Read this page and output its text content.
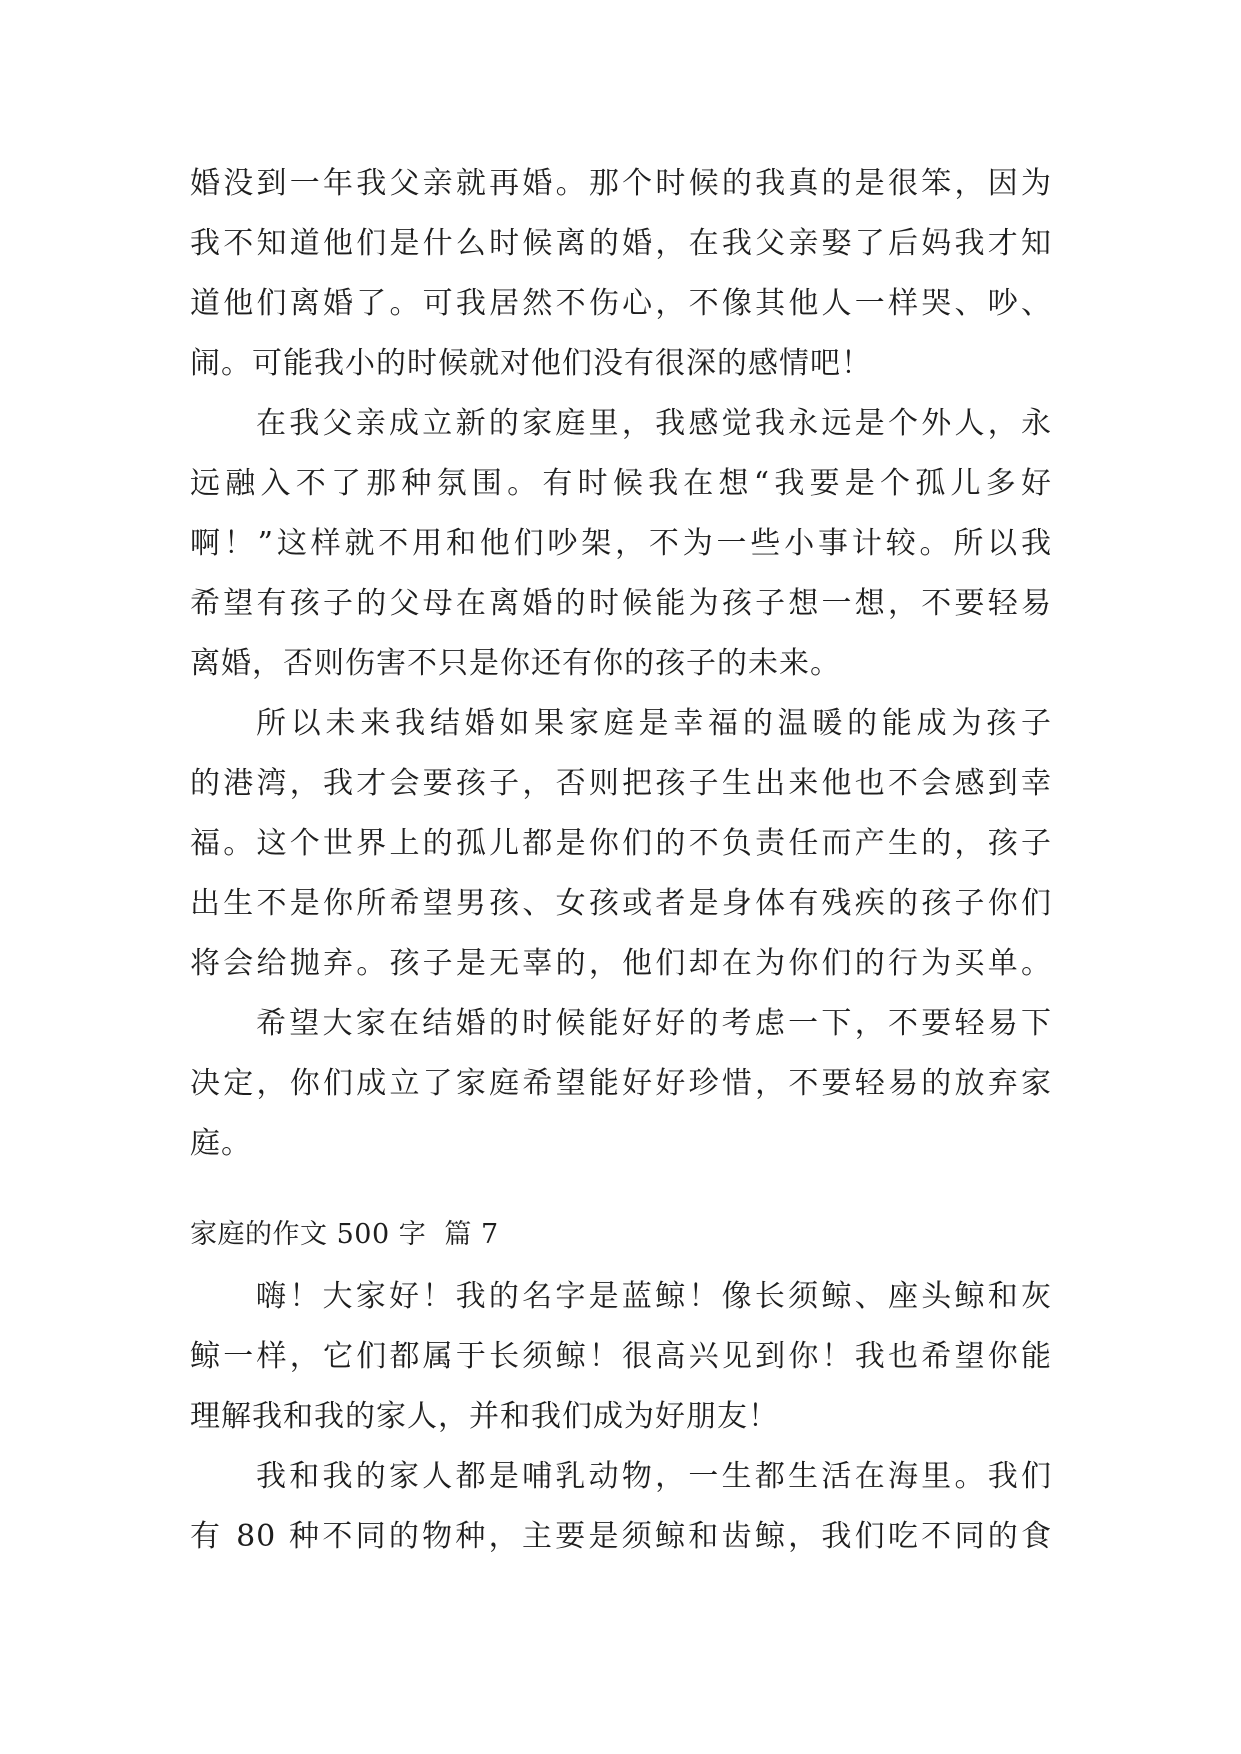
婚没到一年我父亲就再婚。那个时候的我真的是很笨，因为
我不知道他们是什么时候离的婚，在我父亲娶了后妈我才知
道他们离婚了。可我居然不伤心，不像其他人一样哭、吵、
闹。可能我小的时候就对他们没有很深的感情吧！
在我父亲成立新的家庭里，我感觉我永远是个外人，永
远融入不了那种氛围。有时候我在想“我要是个孤儿多好
啊！”这样就不用和他们吵架，不为一些小事计较。所以我
希望有孩子的父母在离婚的时候能为孩子想一想，不要轻易
离婚，否则伤害不只是你还有你的孩子的未来。
所以未来我结婚如果家庭是幸福的温暖的能成为孩子
的港湾，我才会要孩子，否则把孩子生出来他也不会感到幸
福。这个世界上的孤儿都是你们的不负责任而产生的，孩子
出生不是你所希望男孩、女孩或者是身体有残疾的孩子你们
将会给抛弃。孩子是无辜的，他们却在为你们的行为买单。
希望大家在结婚的时候能好好的考虑一下，不要轻易下
决定，你们成立了家庭希望能好好珍惜，不要轻易的放弃家
庭。
家庭的作文 500 字  篇 7
嗨！大家好！我的名字是蓝鲸！像长须鲸、座头鲸和灰
鲸一样，它们都属于长须鲸！很高兴见到你！我也希望你能
理解我和我的家人，并和我们成为好朋友！
我和我的家人都是哺乳动物，一生都生活在海里。我们
有 80 种不同的物种，主要是须鲸和齿鲸，我们吃不同的食
